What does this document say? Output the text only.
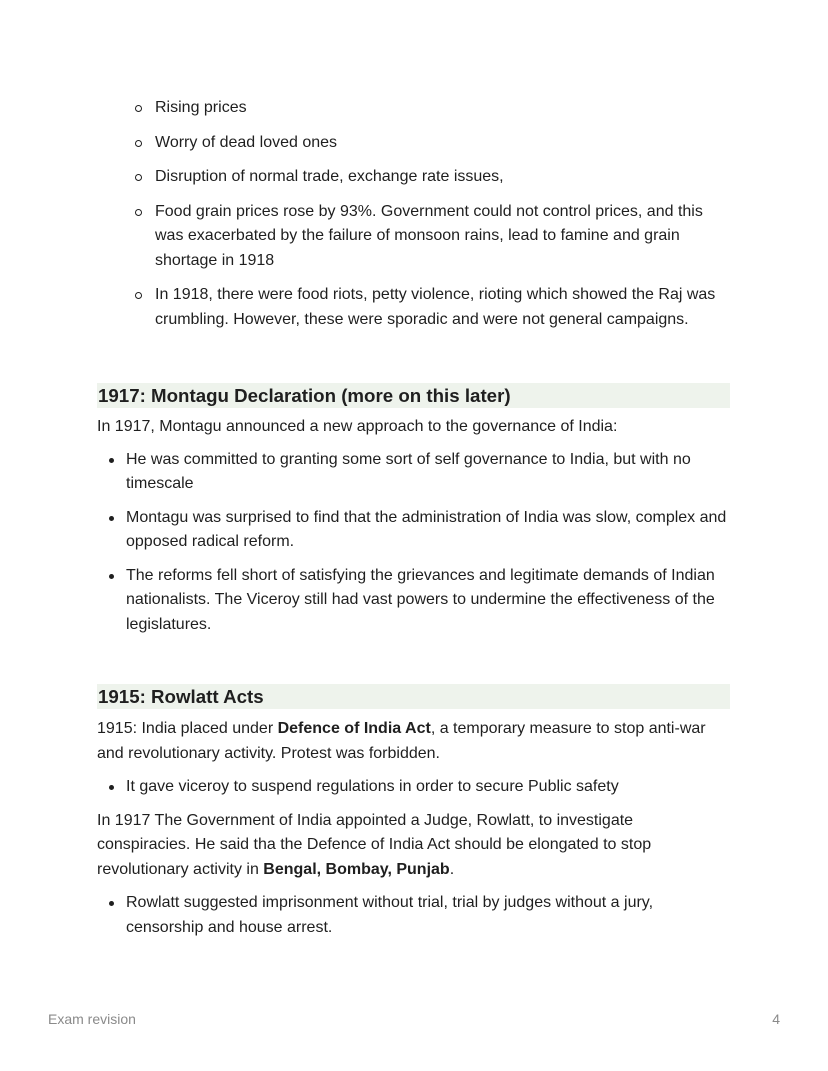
Rising prices
Worry of dead loved ones
Disruption of normal trade, exchange rate issues,
Food grain prices rose by 93%. Government could not control prices, and this was exacerbated by the failure of monsoon rains, lead to famine and grain shortage in 1918
In 1918, there were food riots, petty violence, rioting which showed the Raj was crumbling. However, these were sporadic and were not general campaigns.
1917: Montagu Declaration (more on this later)

In 1917, Montagu announced a new approach to the governance of India:

He was committed to granting some sort of self governance to India, but with no timescale
Montagu was surprised to find that the administration of India was slow, complex and opposed radical reform.
The reforms fell short of satisfying the grievances and legitimate demands of Indian nationalists. The Viceroy still had vast powers to undermine the effectiveness of the legislatures.
1915: Rowlatt Acts

1915: India placed under Defence of India Act, a temporary measure to stop anti-war and revolutionary activity. Protest was forbidden.

It gave viceroy to suspend regulations in order to secure Public safety

In 1917 The Government of India appointed a Judge, Rowlatt, to investigate conspiracies. He said tha the Defence of India Act should be elongated to stop revolutionary activity in Bengal, Bombay, Punjab.

Rowlatt suggested imprisonment without trial, trial by judges without a jury, censorship and house arrest.
Exam revision	4
